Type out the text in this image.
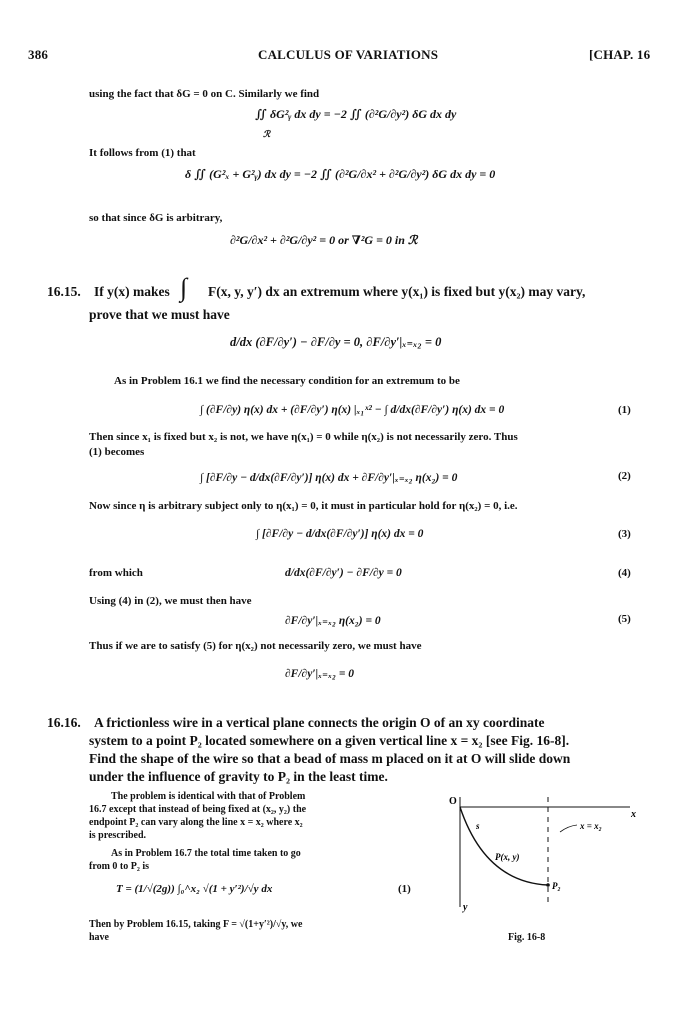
386	CALCULUS OF VARIATIONS	[CHAP. 16
using the fact that δG = 0 on C. Similarly we find
∬ δG²ᵧ dx dy = −2 ∬ (∂²G/∂y²) δG dx dy
ℛ
It follows from (1) that
δ ∬ (G²ₓ + G²ᵧ) dx dy = −2 ∬ (∂²G/∂x² + ∂²G/∂y²) δG dx dy = 0
so that since δG is arbitrary,
∂²G/∂x² + ∂²G/∂y² = 0 or ∇²G = 0 in ℛ
16.15. If y(x) makes ∫ F(x, y, y′) dx an extremum where y(x₁) is fixed but y(x₂) may vary,
prove that we must have
d/dx (∂F/∂y′) − ∂F/∂y = 0, ∂F/∂y′|ₓ₌ₓ₂ = 0
As in Problem 16.1 we find the necessary condition for an extremum to be
∫ (∂F/∂y) η(x) dx + (∂F/∂y′) η(x) |ₓ₁ˣ² − ∫ d/dx(∂F/∂y′) η(x) dx = 0	(1)
Then since x₁ is fixed but x₂ is not, we have η(x₁) = 0 while η(x₂) is not necessarily zero. Thus
(1) becomes
∫ [∂F/∂y − d/dx(∂F/∂y′)] η(x) dx + ∂F/∂y′|ₓ₌ₓ₂ η(x₂) = 0	(2)
Now since η is arbitrary subject only to η(x₁) = 0, it must in particular hold for η(x₂) = 0, i.e.
∫ [∂F/∂y − d/dx(∂F/∂y′)] η(x) dx = 0	(3)
from which	d/dx(∂F/∂y′) − ∂F/∂y = 0	(4)
Using (4) in (2), we must then have
∂F/∂y′|ₓ₌ₓ₂ η(x₂) = 0	(5)
Thus if we are to satisfy (5) for η(x₂) not necessarily zero, we must have
∂F/∂y′|ₓ₌ₓ₂ = 0
16.16. A frictionless wire in a vertical plane connects the origin O of an xy coordinate
system to a point P₂ located somewhere on a given vertical line x = x₂ [see Fig. 16-8].
Find the shape of the wire so that a bead of mass m placed on it at O will slide down
under the influence of gravity to P₂ in the least time.
The problem is identical with that of Problem
16.7 except that instead of being fixed at (x₂, y₂) the
endpoint P₂ can vary along the line x = x₂ where x₂
is prescribed.
As in Problem 16.7 the total time taken to go
from 0 to P₂ is
T = (1/√(2g)) ∫₀^x₂ √(1 + y′²)/√y dx	(1)
Then by Problem 16.15, taking F = √(1+y′²)/√y, we
have
O
x
y
s
P(x, y)
P₂
x = x₂
Fig. 16-8
